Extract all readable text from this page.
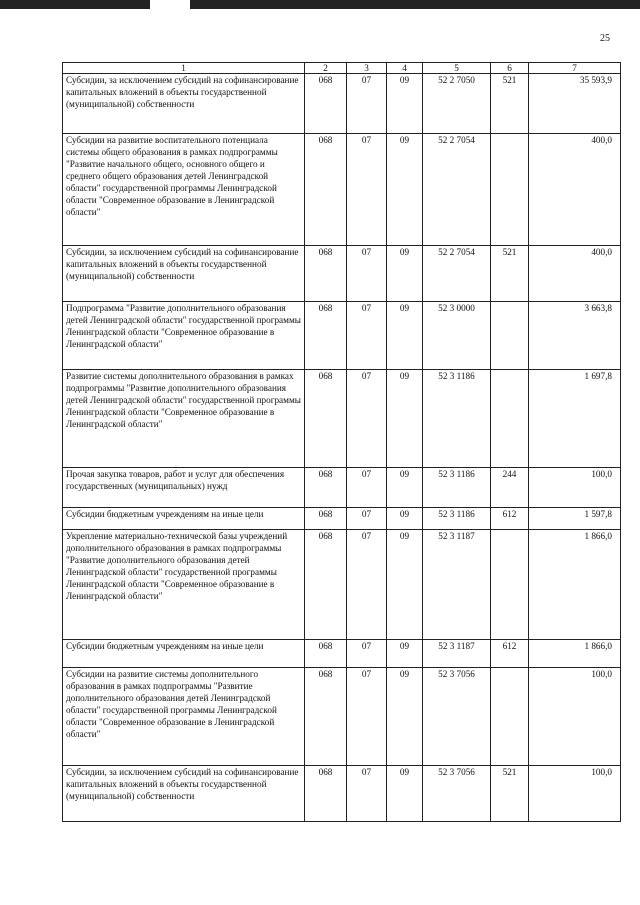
25
1	2	3	4	5	6	7
Субсидии, за исключением субсидий на софинансирование капитальных вложений в объекты государственной (муниципальной) собственности	068	07	09	52 2 7050	521	35 593,9
Субсидии на развитие воспитательного потенциала системы общего образования в рамках подпрограммы "Развитие начального общего, основного общего и среднего общего образования детей Ленинградской области" государственной программы Ленинградской области "Современное образование в Ленинградской области"	068	07	09	52 2 7054		400,0
Субсидии, за исключением субсидий на софинансирование капитальных вложений в объекты государственной (муниципальной) собственности	068	07	09	52 2 7054	521	400,0
Подпрограмма "Развитие дополнительного образования детей Ленинградской области" государственной программы Ленинградской области "Современное образование в Ленинградской области"	068	07	09	52 3 0000		3 663,8
Развитие системы дополнительного образования в рамках подпрограммы "Развитие дополнительного образования детей Ленинградской области" государственной программы Ленинградской области "Современное образование в Ленинградской области"	068	07	09	52 3 1186		1 697,8
Прочая закупка товаров, работ и услуг для обеспечения государственных (муниципальных) нужд	068	07	09	52 3 1186	244	100,0
Субсидии бюджетным учреждениям на иные цели	068	07	09	52 3 1186	612	1 597,8
Укрепление материально-технической базы учреждений дополнительного образования в рамках подпрограммы "Развитие дополнительного образования детей Ленинградской области" государственной программы Ленинградской области "Современное образование в Ленинградской области"	068	07	09	52 3 1187		1 866,0
Субсидии бюджетным учреждениям на иные цели	068	07	09	52 3 1187	612	1 866,0
Субсидии на развитие системы дополнительного образования в рамках подпрограммы "Развитие дополнительного образования детей Ленинградской области" государственной программы Ленинградской области "Современное образование в Ленинградской области"	068	07	09	52 3 7056		100,0
Субсидии, за исключением субсидий на софинансирование капитальных вложений в объекты государственной (муниципальной) собственности	068	07	09	52 3 7056	521	100,0
